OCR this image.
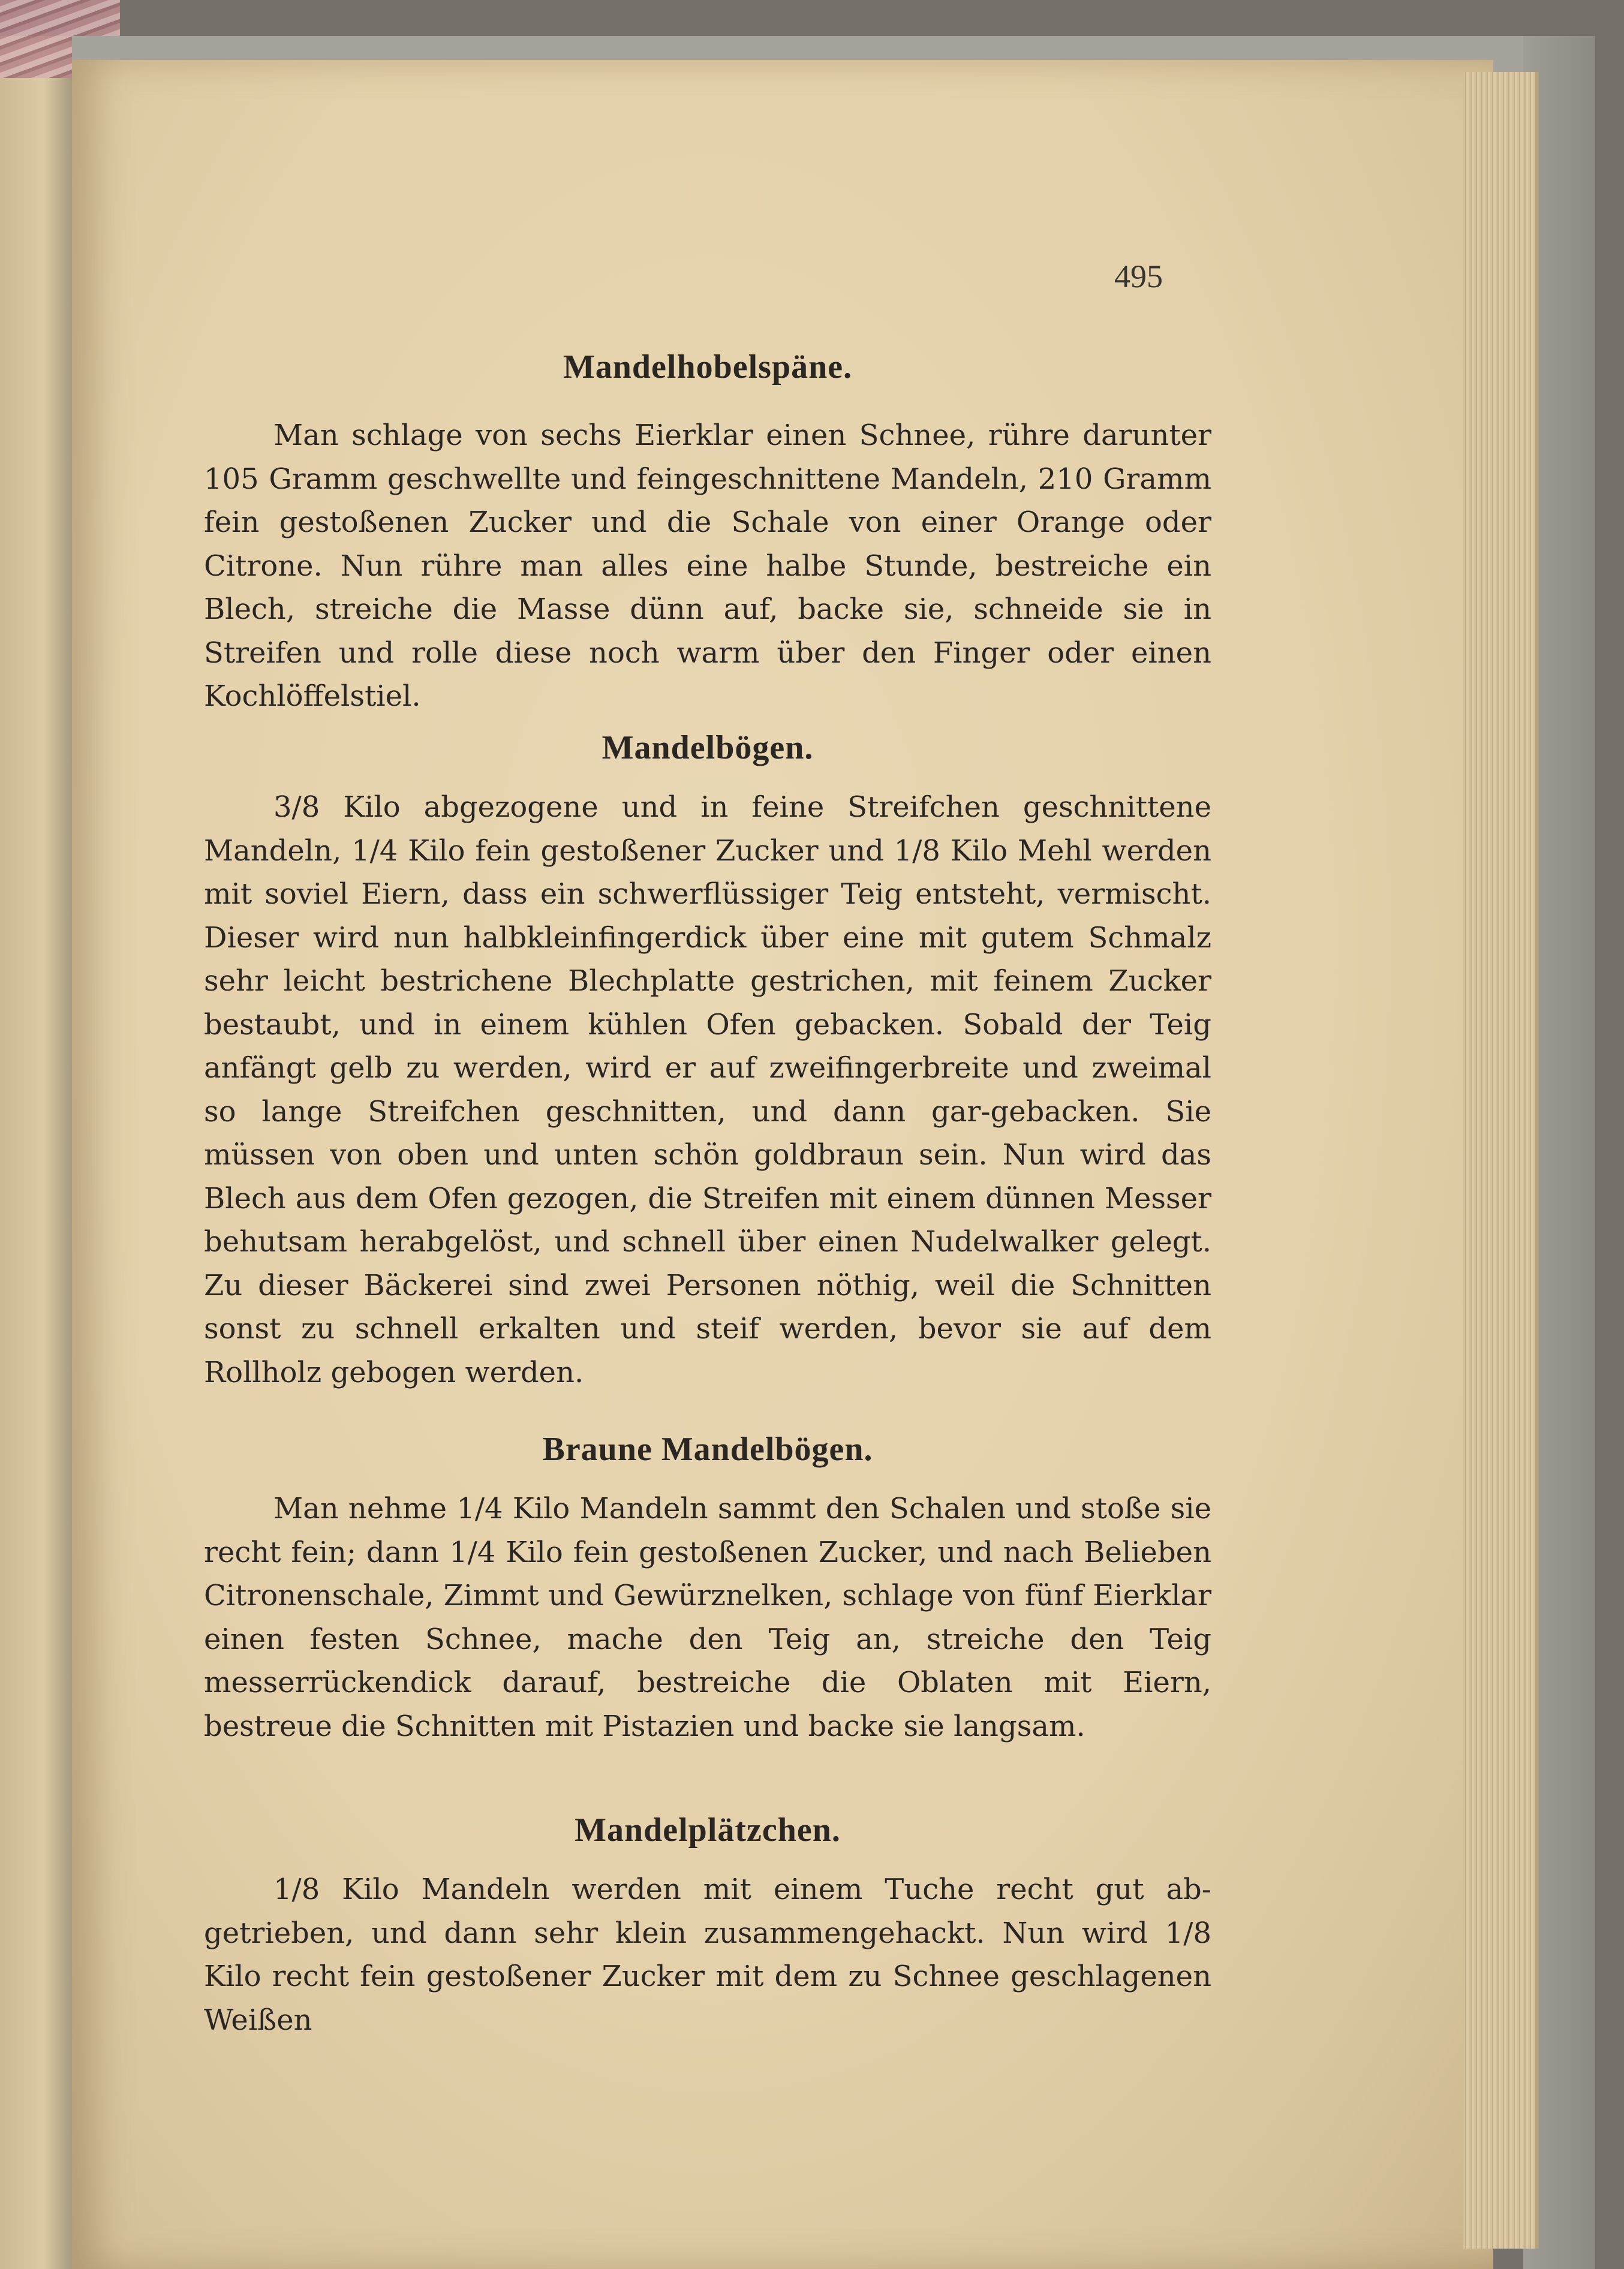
495
Mandelhobelspäne.

Man schlage von sechs Eierklar einen Schnee, rühre darunter 105 Gramm geschwellte und feingeschnittene Mandeln, 210 Gramm fein gestoßenen Zucker und die Schale von einer Orange oder Citrone. Nun rühre man alles eine halbe Stunde, bestreiche ein Blech, streiche die Masse dünn auf, backe sie, schneide sie in Streifen und rolle diese noch warm über den Finger oder einen Kochlöffelstiel.

Mandelbögen.

3/8 Kilo abgezogene und in feine Streifchen geschnittene Mandeln, 1/4 Kilo fein gestoßener Zucker und 1/8 Kilo Mehl werden mit soviel Eiern, dass ein schwerflüssiger Teig entsteht, vermischt. Dieser wird nun halbkleinfingerdick über eine mit gutem Schmalz sehr leicht bestrichene Blechplatte gestrichen, mit feinem Zucker bestaubt, und in einem kühlen Ofen gebacken. Sobald der Teig anfängt gelb zu werden, wird er auf zweifingerbreite und zweimal so lange Streifchen geschnitten, und dann gar-gebacken. Sie müssen von oben und unten schön goldbraun sein. Nun wird das Blech aus dem Ofen gezogen, die Streifen mit einem dünnen Messer behutsam herabgelöst, und schnell über einen Nudelwalker gelegt. Zu dieser Bäckerei sind zwei Personen nöthig, weil die Schnitten sonst zu schnell erkalten und steif werden, bevor sie auf dem Rollholz gebogen werden.

Braune Mandelbögen.

Man nehme 1/4 Kilo Mandeln sammt den Schalen und stoße sie recht fein; dann 1/4 Kilo fein gestoßenen Zucker, und nach Belieben Citronenschale, Zimmt und Gewürznelken, schlage von fünf Eierklar einen festen Schnee, mache den Teig an, streiche den Teig messerrückendick darauf, bestreiche die Oblaten mit Eiern, bestreue die Schnitten mit Pistazien und backe sie langsam.

Mandelplätzchen.

1/8 Kilo Mandeln werden mit einem Tuche recht gut ab-getrieben, und dann sehr klein zusammengehackt. Nun wird 1/8 Kilo recht fein gestoßener Zucker mit dem zu Schnee geschlagenen Weißen
